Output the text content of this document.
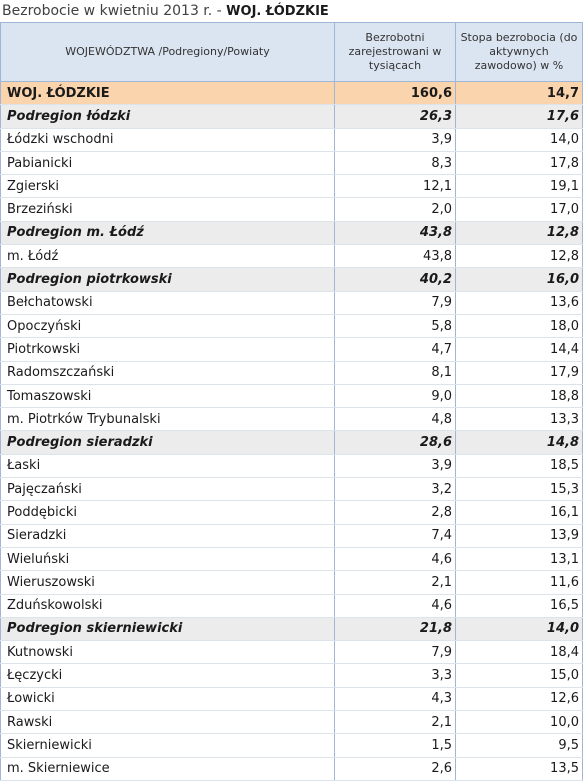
Bezrobocie w kwietniu 2013 r. - WOJ. ŁÓDZKIE
WOJEWÓDZTWA /Podregiony/Powiaty	Bezrobotni zarejestrowani w tysiącach	Stopa bezrobocia (do aktywnych zawodowo) w %
WOJ. ŁÓDZKIE	160,6	14,7
Podregion łódzki	26,3	17,6
Łódzki wschodni	3,9	14,0
Pabianicki	8,3	17,8
Zgierski	12,1	19,1
Brzeziński	2,0	17,0
Podregion m. Łódź	43,8	12,8
m. Łódź	43,8	12,8
Podregion piotrkowski	40,2	16,0
Bełchatowski	7,9	13,6
Opoczyński	5,8	18,0
Piotrkowski	4,7	14,4
Radomszczański	8,1	17,9
Tomaszowski	9,0	18,8
m. Piotrków Trybunalski	4,8	13,3
Podregion sieradzki	28,6	14,8
Łaski	3,9	18,5
Pajęczański	3,2	15,3
Poddębicki	2,8	16,1
Sieradzki	7,4	13,9
Wieluński	4,6	13,1
Wieruszowski	2,1	11,6
Zduńskowolski	4,6	16,5
Podregion skierniewicki	21,8	14,0
Kutnowski	7,9	18,4
Łęczycki	3,3	15,0
Łowicki	4,3	12,6
Rawski	2,1	10,0
Skierniewicki	1,5	9,5
m. Skierniewice	2,6	13,5
